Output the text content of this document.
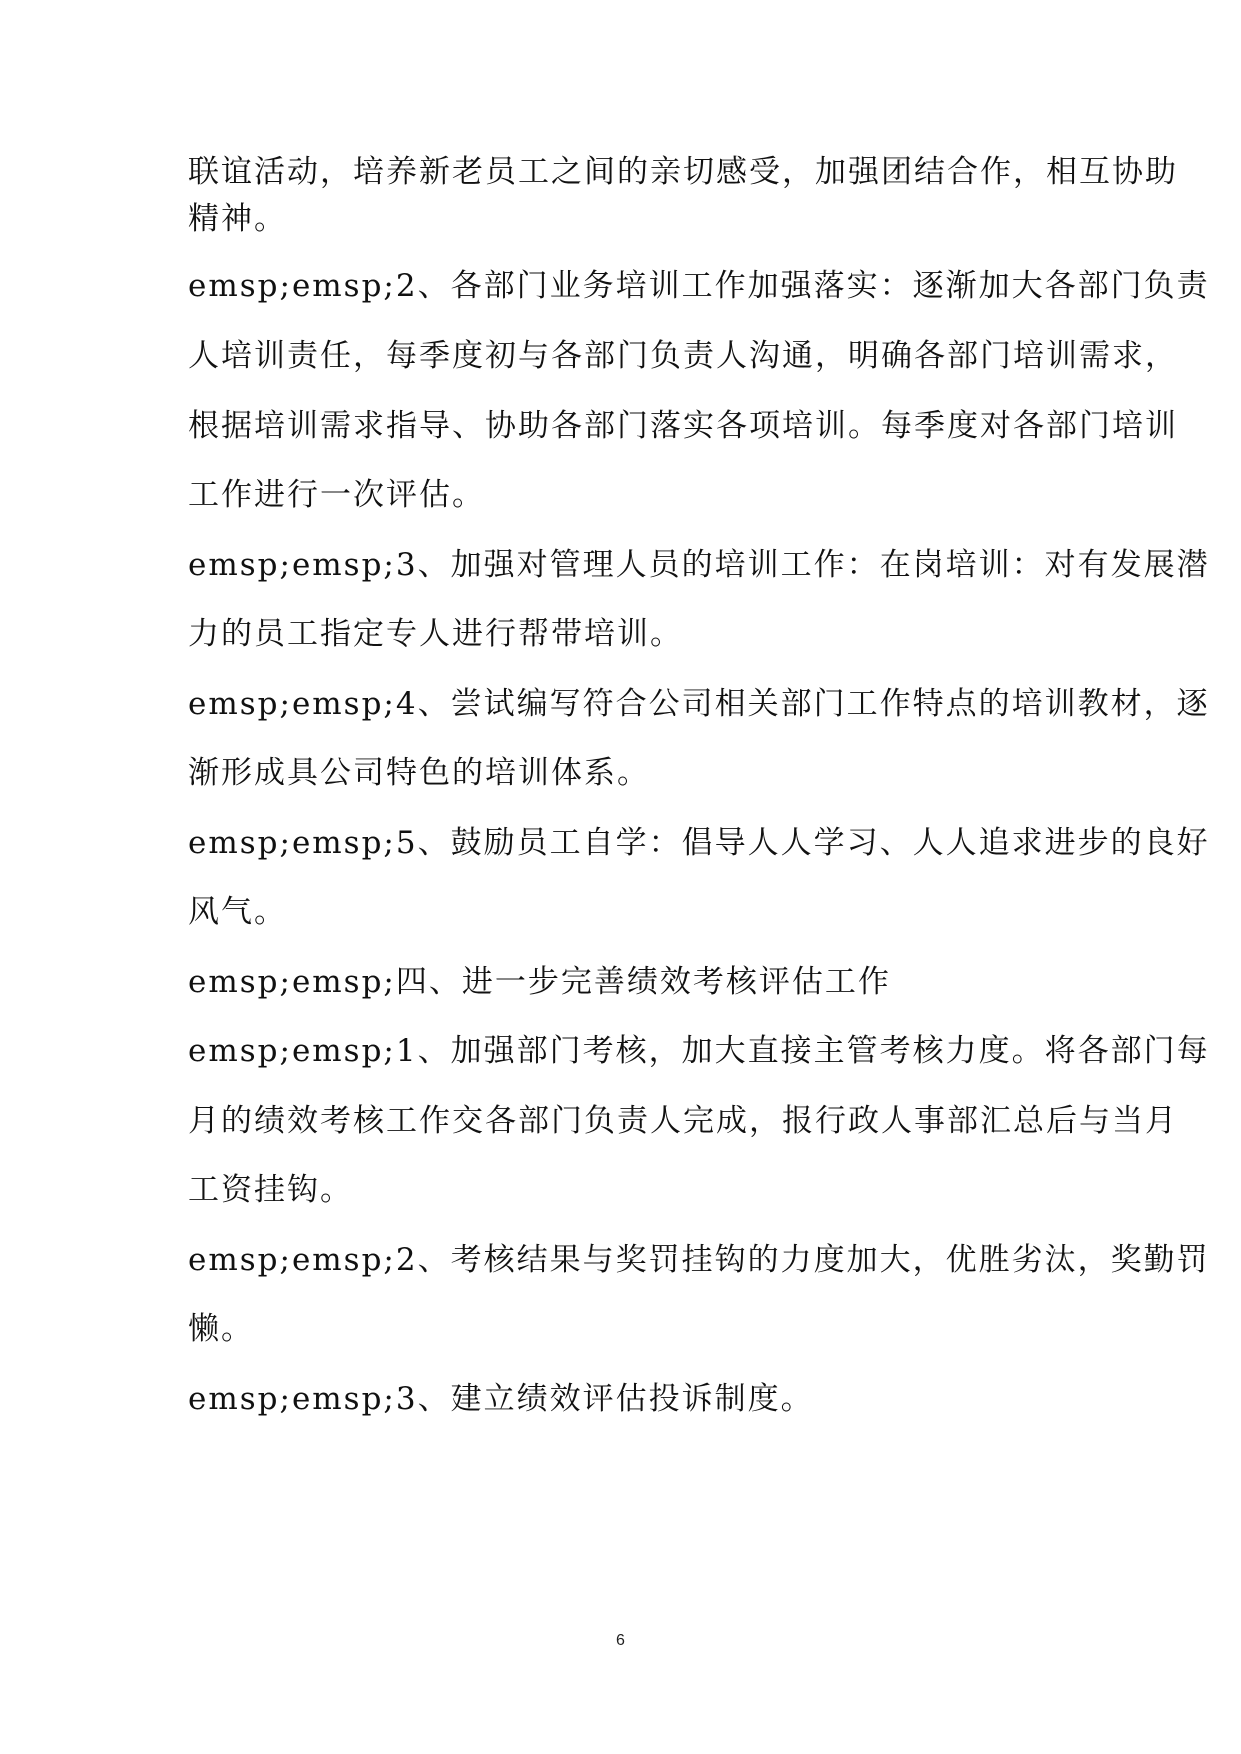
联谊活动，培养新老员工之间的亲切感受，加强团结合作，相互协助
精神。
emsp;emsp;2、各部门业务培训工作加强落实：逐渐加大各部门负责
人培训责任，每季度初与各部门负责人沟通，明确各部门培训需求，
根据培训需求指导、协助各部门落实各项培训。每季度对各部门培训
工作进行一次评估。
emsp;emsp;3、加强对管理人员的培训工作：在岗培训：对有发展潜
力的员工指定专人进行帮带培训。
emsp;emsp;4、尝试编写符合公司相关部门工作特点的培训教材，逐
渐形成具公司特色的培训体系。
emsp;emsp;5、鼓励员工自学：倡导人人学习、人人追求进步的良好
风气。
emsp;emsp;四、进一步完善绩效考核评估工作
emsp;emsp;1、加强部门考核，加大直接主管考核力度。将各部门每
月的绩效考核工作交各部门负责人完成，报行政人事部汇总后与当月
工资挂钩。
emsp;emsp;2、考核结果与奖罚挂钩的力度加大，优胜劣汰，奖勤罚
懒。
emsp;emsp;3、建立绩效评估投诉制度。
6
